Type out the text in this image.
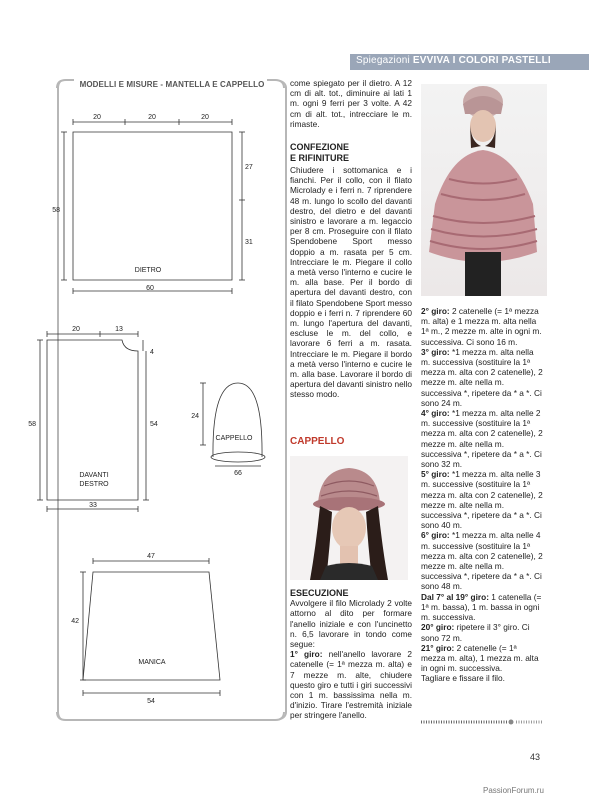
Spiegazioni EVVIVA I COLORI PASTELLI
MODELLI E MISURE - MANTELLA E CAPPELLO
20	20	20
58
27
31
60
DIETRO
20	13
4
58	54
33
DAVANTI
DESTRO
24
66
CAPPELLO
47
42
54
MANICA

come spiegato per il dietro. A 12 cm di alt. tot., diminuire ai lati 1 m. ogni 9 ferri per 3 volte. A 42 cm di alt. tot., intrecciare le m. rimaste.

CONFEZIONE
E RIFINITURE

Chiudere i sottomanica e i fianchi. Per il collo, con il filato Microlady e i ferri n. 7 riprendere 48 m. lungo lo scollo del davanti destro, del dietro e del davanti sinistro e lavorare a m. legaccio per 8 cm. Proseguire con il filato Spendobene Sport messo doppio a m. rasata per 5 cm. Intrecciare le m. Piegare il collo a metà verso l'interno e cucire le m. alla base. Per il bordo di apertura del davanti destro, con il filato Spendobene Sport messo doppio e i ferri n. 7 riprendere 60 m. lungo l'apertura del davanti, escluse le m. del collo, e lavorare 6 ferri a m. rasata. Intrecciare le m. Piegare il bordo a metà verso l'interno e cucire le m. alla base. Lavorare il bordo di apertura del davanti sinistro nello stesso modo.

CAPPELLO

ESECUZIONE

Avvolgere il filo Microlady 2 volte attorno al dito per formare l'anello iniziale e con l'uncinetto n. 6,5 lavorare in tondo come segue:

1° giro: nell'anello lavorare 2 catenelle (= 1ª mezza m. alta) e 7 mezze m. alte, chiudere questo giro e tutti i giri successivi con 1 m. bassissima nella m. d'inizio. Tirare l'estremità iniziale per stringere l'anello.

2° giro: 2 catenelle (= 1ª mezza m. alta) e 1 mezza m. alta nella 1ª m., 2 mezze m. alte in ogni m. successiva. Ci sono 16 m.

3° giro: *1 mezza m. alta nella m. successiva (sostituire la 1ª mezza m. alta con 2 catenelle), 2 mezze m. alte nella m. successiva *, ripetere da * a *. Ci sono 24 m.

4° giro: *1 mezza m. alta nelle 2 m. successive (sostituire la 1ª mezza m. alta con 2 catenelle), 2 mezze m. alte nella m. successiva *, ripetere da * a *. Ci sono 32 m.

5° giro: *1 mezza m. alta nelle 3 m. successive (sostituire la 1ª mezza m. alta con 2 catenelle), 2 mezze m. alte nella m. successiva *, ripetere da * a *. Ci sono 40 m.

6° giro: *1 mezza m. alta nelle 4 m. successive (sostituire la 1ª mezza m. alta con 2 catenelle), 2 mezze m. alte nella m. successiva *, ripetere da * a *. Ci sono 48 m.

Dal 7° al 19° giro: 1 catenella (= 1ª m. bassa), 1 m. bassa in ogni m. successiva.

20° giro: ripetere il 3° giro. Ci sono 72 m.

21° giro: 2 catenelle (= 1ª mezza m. alta), 1 mezza m. alta in ogni m. successiva.

Tagliare e fissare il filo.

43
PassionForum.ru
